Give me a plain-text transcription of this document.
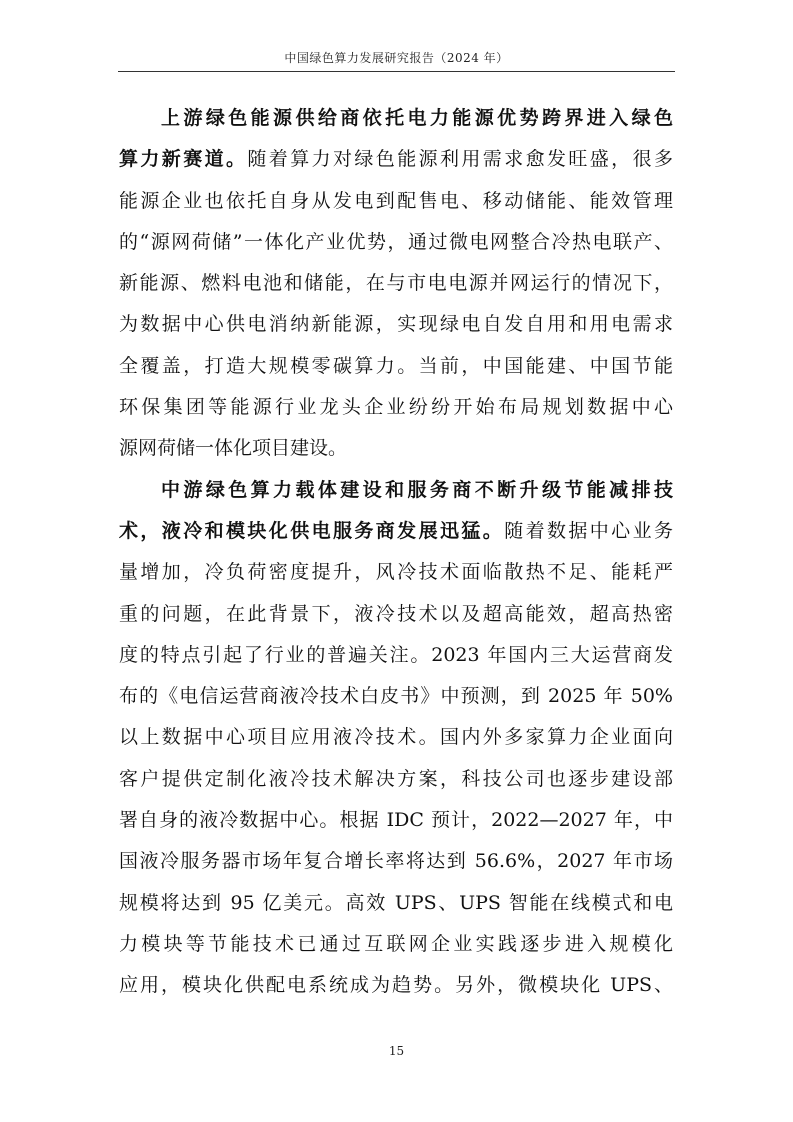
中国绿色算力发展研究报告（2024 年）
上游绿色能源供给商依托电力能源优势跨界进入绿色
算力新赛道。随着算力对绿色能源利用需求愈发旺盛，很多
能源企业也依托自身从发电到配售电、移动储能、能效管理
的“源网荷储”一体化产业优势，通过微电网整合冷热电联产、
新能源、燃料电池和储能，在与市电电源并网运行的情况下，
为数据中心供电消纳新能源，实现绿电自发自用和用电需求
全覆盖，打造大规模零碳算力。当前，中国能建、中国节能
环保集团等能源行业龙头企业纷纷开始布局规划数据中心
源网荷储一体化项目建设。
中游绿色算力载体建设和服务商不断升级节能减排技
术，液冷和模块化供电服务商发展迅猛。随着数据中心业务
量增加，冷负荷密度提升，风冷技术面临散热不足、能耗严
重的问题，在此背景下，液冷技术以及超高能效，超高热密
度的特点引起了行业的普遍关注。2023 年国内三大运营商发
布的《电信运营商液冷技术白皮书》中预测，到 2025 年 50%
以上数据中心项目应用液冷技术。国内外多家算力企业面向
客户提供定制化液冷技术解决方案，科技公司也逐步建设部
署自身的液冷数据中心。根据 IDC 预计，2022—2027 年，中
国液冷服务器市场年复合增长率将达到 56.6%，2027 年市场
规模将达到 95 亿美元。高效 UPS、UPS 智能在线模式和电
力模块等节能技术已通过互联网企业实践逐步进入规模化
应用，模块化供配电系统成为趋势。另外，微模块化 UPS、
15
